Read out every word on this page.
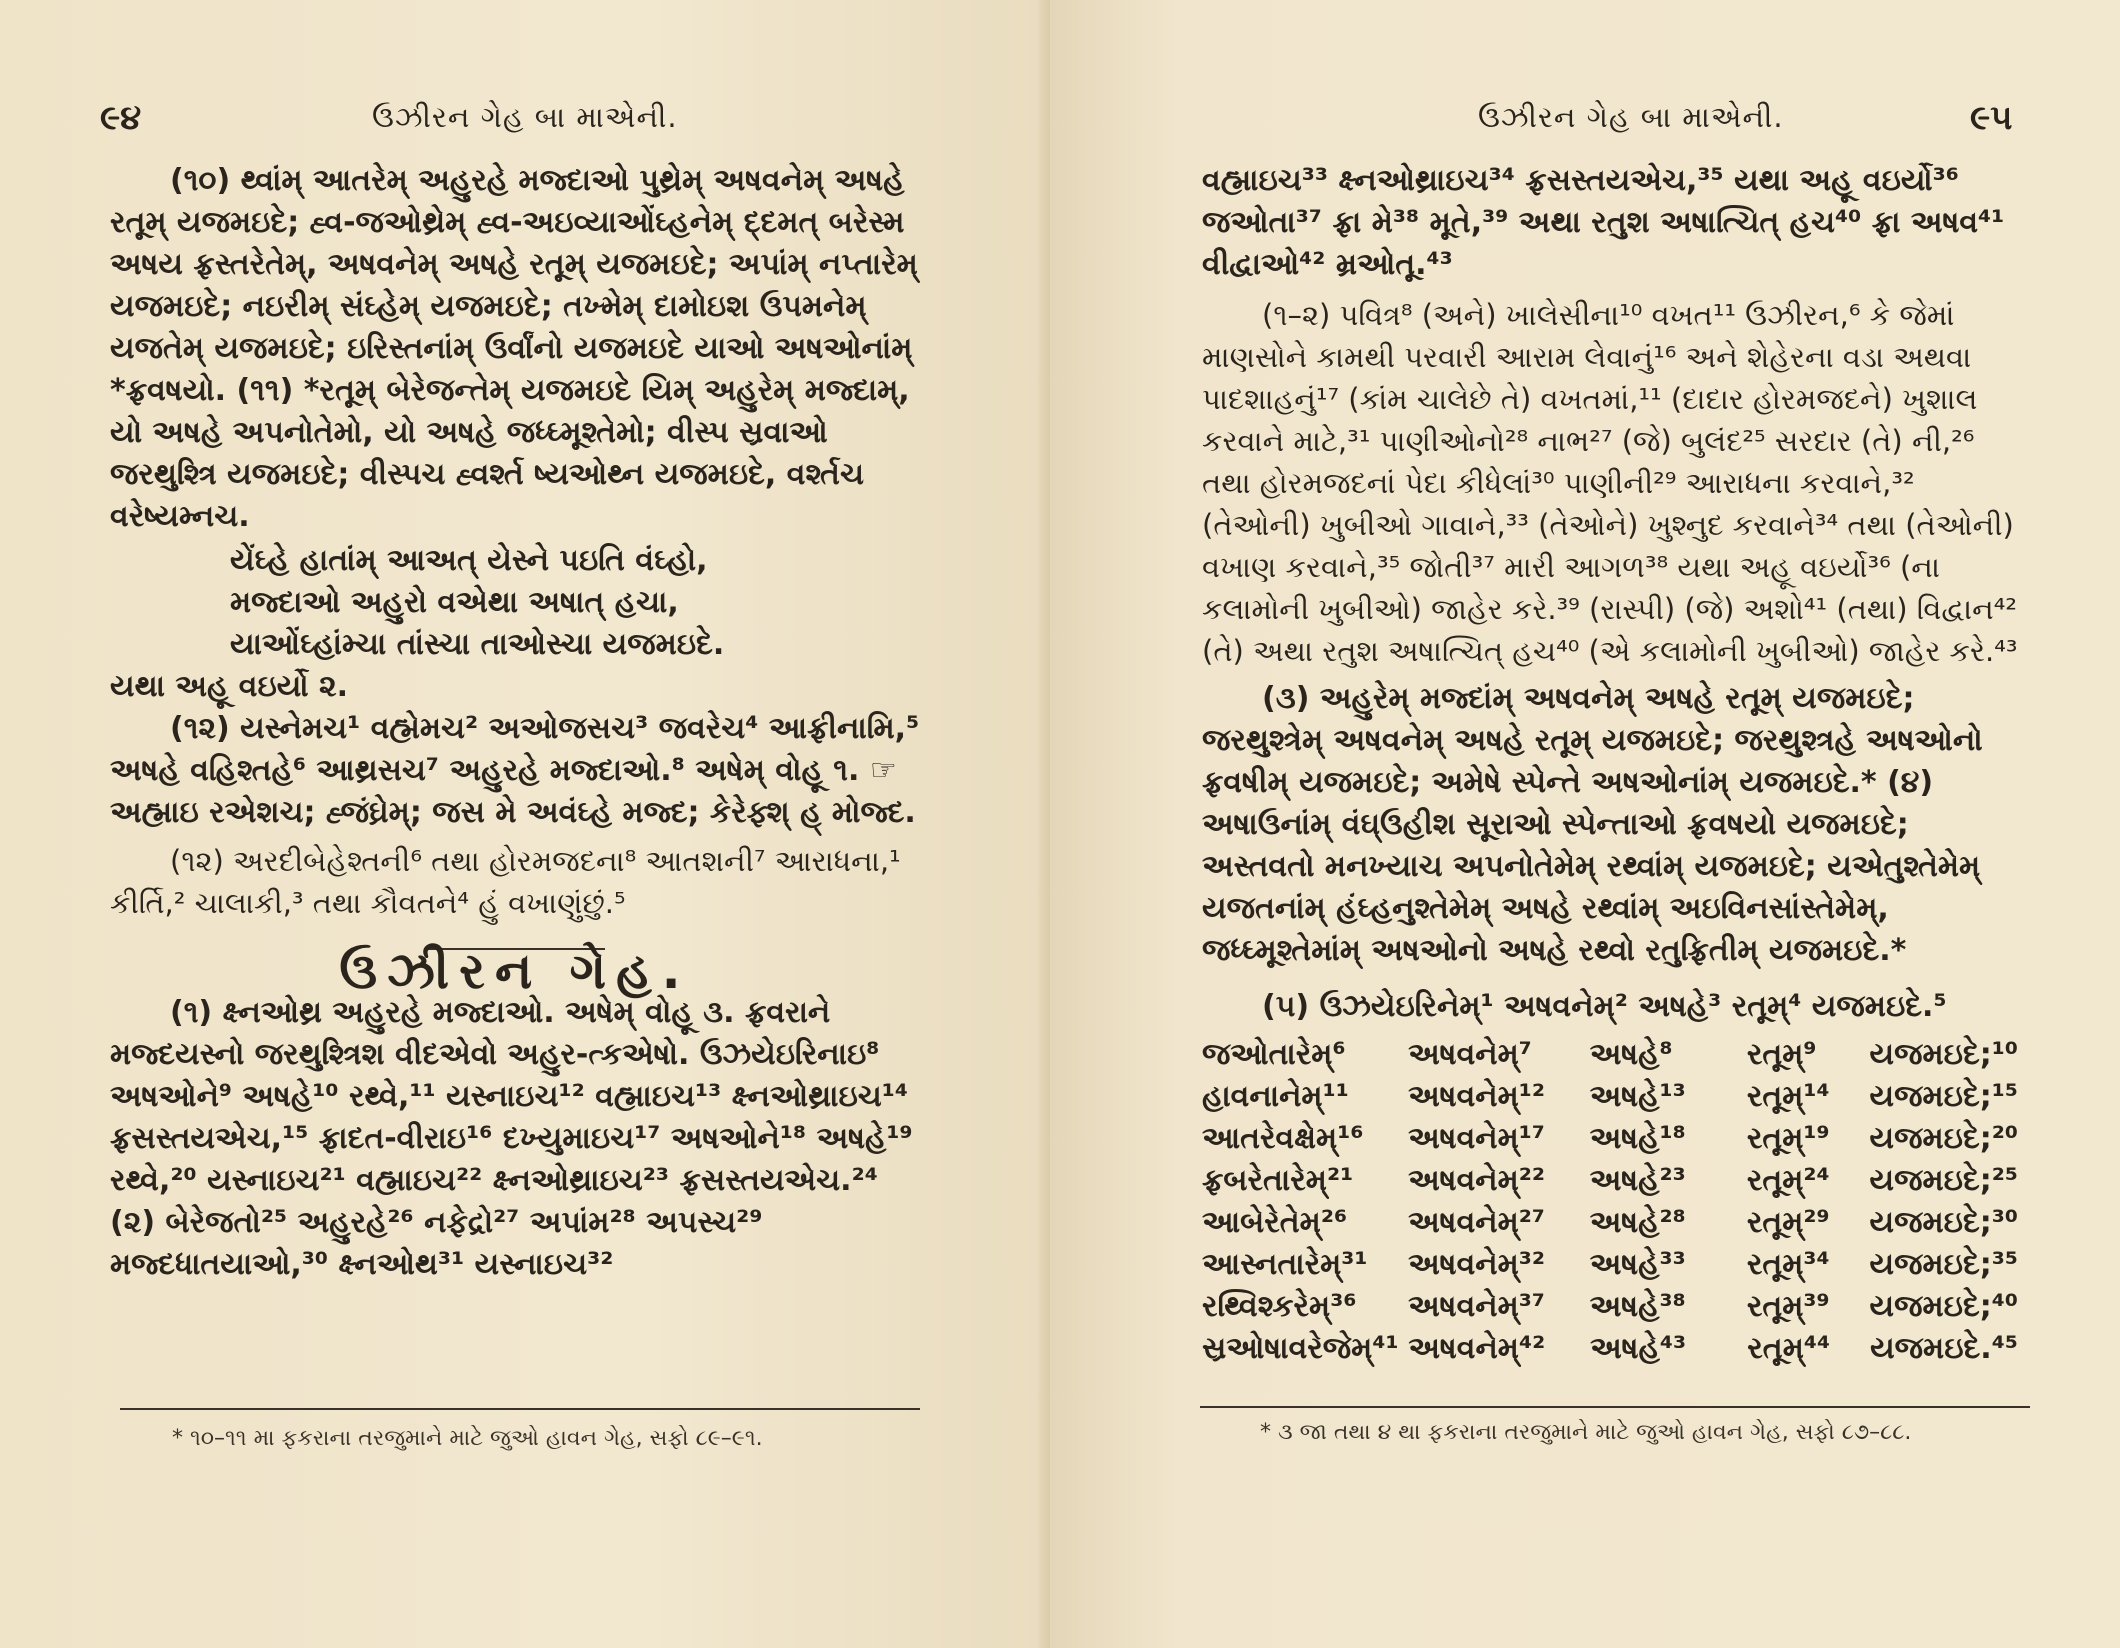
૯૪	ઉઝીરન ગેહ બા માએની.

(૧૦) થ્વાંમ્ આતરેમ્ અહુરહે મજ્દાઓ પુથ્રેમ્ અષવનેમ્ અષહે રતૂમ્ યજમઇદે; હ્વ-જઓથ્રેમ્ હ્વ-અઇવ્યાઓંઘ્હનેમ્ દ્દમત્ બરેસ્મ અષય ફ્રસ્તરેતેમ્, અષવનેમ્ અષહે રતૂમ્ યજમઇદે; અપાંમ્ નપ્તારેમ્ યજમઇદે; નઇરીમ્ સંઘ્હેમ્ યજમઇદે; તખ્મેમ્ દામોઇશ ઉપમનેમ્ યજતેમ્ યજમઇદે; ઇરિસ્તનાંમ્ ઉર્વાંનો યજમઇદે યાઓ અષઓનાંમ્ *ફ્રવષયો. (૧૧) *રતૂમ્ બેરેજન્તેમ્ યજમઇદે યિમ્ અહુરેમ્ મજ્દામ્, યો અષહે અપનોતેમો, યો અષહે જધ્ઘ્મૂશ્તેમો; વીસ્પ સ્રવાઓ જરથુશ્ત્રિ યજમઇદે; વીસ્પચ હ્વર્શ્ત ષ્યઓથ્ન યજમઇદે, વર્શ્તચ વરેષ્યમ્નચ.

યેંઘ્હે હાતાંમ્ આઅત્ યેસ્ને પઇતિ વંઘ્હો,

મજ્દાઓ અહુરો વએથા અષાત્ હચા,

યાઓંઘ્હાંમ્ચા તાંસ્ચા તાઓસ્ચા યજમઇદે.

યથા અહૂ વઇર્યો ૨.

(૧૨) યસ્નેમચ¹ વહ્મેમચ² અઓજસચ³ જવરેચ⁴ આફ્રીનામિ,⁵ અષહે વહિશ્તહે⁶ આથ્રસચ⁷ અહુરહે મજ્દાઓ.⁸ અષેમ્ વોહૂ ૧. ☞અહ્માઇ રએશચ; હ્જંઘ્રેમ્; જસ મે અવંઘ્હે મજ્દ; કેરેફ્શ્ હ્ મોજ્દ.

(૧૨) અરદીબેહેશ્તની⁶ તથા હોરમજદના⁸ આતશની⁷ આરાધના,¹ કીર્તિ,² ચાલાકી,³ તથા કૌવતને⁴ હું વખાણુંછું.⁵

ઉઝીરન ગેહ.

(૧) ક્ષ્નઓથ્ર અહુરહે મજ્દાઓ. અષેમ્ વોહૂ ૩. ફ્રવરાને મજ્દયસ્નો જરથુશ્ત્રિશ વીદએવો અહુર-ત્કએષો. ઉઝયેઇરિનાઇ⁸ અષઓને⁹ અષહે¹⁰ રથ્વે,¹¹ યસ્નાઇચ¹² વહ્માઇચ¹³ ક્ષ્નઓથ્રાઇચ¹⁴ ફ્રસસ્તયએચ,¹⁵ ફ્રાદત-વીરાઇ¹⁶ દખ્યુમાઇચ¹⁷ અષઓને¹⁸ અષહે¹⁹ રથ્વે,²⁰ યસ્નાઇચ²¹ વહ્માઇચ²² ક્ષ્નઓથ્રાઇચ²³ ફ્રસસ્તયએચ.²⁴ (૨) બેરેજતો²⁵ અહુરહે²⁶ નફેદ્રો²⁷ અપાંમ²⁸ અપસ્ચ²⁹ મજ્દધાતયાઓ,³⁰ ક્ષ્નઓથ³¹ યસ્નાઇચ³²

* ૧૦–૧૧ મા ફકરાના તરજુમાને માટે જુઓ હાવન ગેહ, સફો ૮૯–૯૧.
ઉઝીરન ગેહ બા માએની.	૯૫

વહ્માઇચ³³ ક્ષ્નઓથ્રાઇચ³⁴ ફ્રસસ્તયએચ,³⁵ યથા અહૂ વઇર્યો³⁶ જઓતા³⁷ ફ્રા મે³⁸ મૂતે,³⁹ અથા રતુશ અષાત્ચિત્ હચ⁴⁰ ફ્રા અષવ⁴¹ વીદ્વાઓ⁴² મ્રઓતૂ.⁴³

(૧–૨) પવિત્ર⁸ (અને) ખાલેસીના¹⁰ વખત¹¹ ઉઝીરન,⁶ કે જેમાં માણસોને કામથી પરવારી આરામ લેવાનું¹⁶ અને શેહેરના વડા અથવા પાદશાહનું¹⁷ (કાંમ ચાલેછે તે) વખતમાં,¹¹ (દાદાર હોરમજદને) ખુશાલ કરવાને માટે,³¹ પાણીઓનો²⁸ નાભ²⁷ (જે) બુલંદ²⁵ સરદાર (તે) ની,²⁶ તથા હોરમજદનાં પેદા કીધેલાં³⁰ પાણીની²⁹ આરાધના કરવાને,³² (તેઓની) ખુબીઓ ગાવાને,³³ (તેઓને) ખુશ્નુદ કરવાને³⁴ તથા (તેઓની) વખાણ કરવાને,³⁵ જોતી³⁷ મારી આગળ³⁸ યથા અહૂ વઇર્યો³⁶ (ના કલામોની ખુબીઓ) જાહેર કરે.³⁹ (રાસ્પી) (જે) અશો⁴¹ (તથા) વિદ્વાન⁴² (તે) અથા રતુશ અષાત્ચિત્ હચ⁴⁰ (એ કલામોની ખુબીઓ) જાહેર કરે.⁴³

(૩) અહુરેમ્ મજ્દાંમ્ અષવનેમ્ અષહે રતૂમ્ યજમઇદે; જરથુશ્ત્રેમ્ અષવનેમ્ અષહે રતૂમ્ યજમઇદે; જરથુશ્ત્રહે અષઓનો ફ્રવષીમ્ યજમઇદે; અમેષે સ્પેન્તે અષઓનાંમ્ યજમઇદે.* (૪) અષાઉનાંમ્ વંઘ્ઉહીશ સૂરાઓ સ્પેન્તાઓ ફ્રવષયો યજમઇદે; અસ્તવતો મનખ્યાચ અપનોતેમેમ્ રથ્વાંમ્ યજમઇદે; યએતુશ્તેમેમ્ યજતનાંમ્ હંઘ્હનુશ્તેમેમ્ અષહે રથ્વાંમ્ અઇવિનસાંસ્તેમેમ્, જધ્ઘ્મૂશ્તેમાંમ્ અષઓનો અષહે રથ્વો રતુફ્રિતીમ્ યજમઇદે.*

(૫) ઉઝયેઇરિનેમ્¹ અષવનેમ્² અષહે³ રતૂમ્⁴ યજમઇદે.⁵

જઓતારેમ્⁶	અષવનેમ્⁷	અષહે⁸	રતૂમ્⁹	યજમઇદે;¹⁰
હાવનાનેમ્¹¹	અષવનેમ્¹²	અષહે¹³	રતૂમ્¹⁴	યજમઇદે;¹⁵
આતરેવક્ષેમ્¹⁶	અષવનેમ્¹⁷	અષહે¹⁸	રતૂમ્¹⁹	યજમઇદે;²⁰
ફ્રબરેતારેમ્²¹	અષવનેમ્²²	અષહે²³	રતૂમ્²⁴	યજમઇદે;²⁵
આબેરેતેમ્²⁶	અષવનેમ્²⁷	અષહે²⁸	રતૂમ્²⁹	યજમઇદે;³⁰
આસ્નતારેમ્³¹	અષવનેમ્³²	અષહે³³	રતૂમ્³⁴	યજમઇદે;³⁵
રથ્વિશ્કરેમ્³⁶	અષવનેમ્³⁷	અષહે³⁸	રતૂમ્³⁹	યજમઇદે;⁴⁰
સ્રઓષાવરેજેમ્⁴¹ અષવનેમ્⁴²	અષહે⁴³	રતૂમ્⁴⁴	યજમઇદે.⁴⁵
* ૩ જા તથા ૪ થા ફકરાના તરજુમાને માટે જુઓ હાવન ગેહ, સફો ૮૭–૮૮.
